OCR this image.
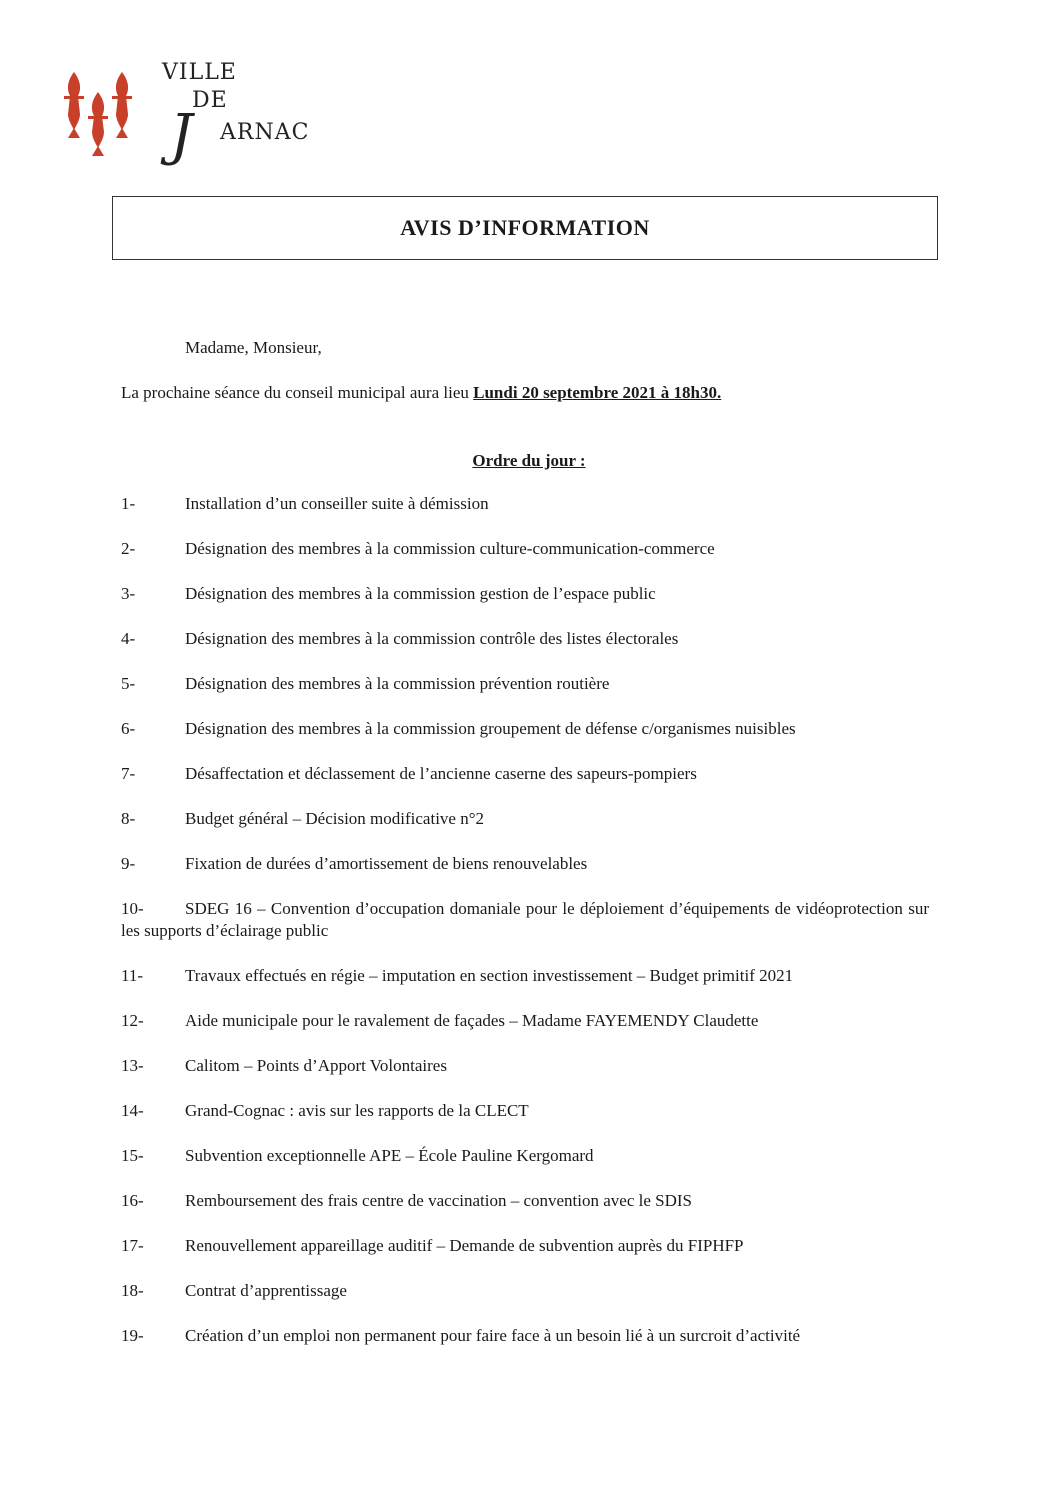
VILLE
DE
ARNAC
J
AVIS D’INFORMATION
Madame, Monsieur,
La prochaine séance du conseil municipal aura lieu Lundi 20 septembre 2021 à 18h30.
Ordre du jour :
1-	Installation d’un conseiller suite à démission
2-	Désignation des membres à la commission culture-communication-commerce
3-	Désignation des membres à la commission gestion de l’espace public
4-	Désignation des membres à la commission contrôle des listes électorales
5-	Désignation des membres à la commission prévention routière
6-	Désignation des membres à la commission groupement de défense c/organismes nuisibles
7-	Désaffectation et déclassement de l’ancienne caserne des sapeurs-pompiers
8-	Budget général – Décision modificative n°2
9-	Fixation de durées d’amortissement de biens renouvelables
10-	SDEG 16 – Convention d’occupation domaniale pour le déploiement d’équipements de vidéoprotection sur les supports d’éclairage public
11-	Travaux effectués en régie – imputation en section investissement – Budget primitif 2021
12-	Aide municipale pour le ravalement de façades – Madame FAYEMENDY Claudette
13-	Calitom – Points d’Apport Volontaires
14-	Grand-Cognac : avis sur les rapports de la CLECT
15-	Subvention exceptionnelle APE – École Pauline Kergomard
16-	Remboursement des frais centre de vaccination – convention avec le SDIS
17-	Renouvellement appareillage auditif – Demande de subvention auprès du FIPHFP
18-	Contrat d’apprentissage
19-	Création d’un emploi non permanent pour faire face à un besoin lié à un surcroit d’activité
